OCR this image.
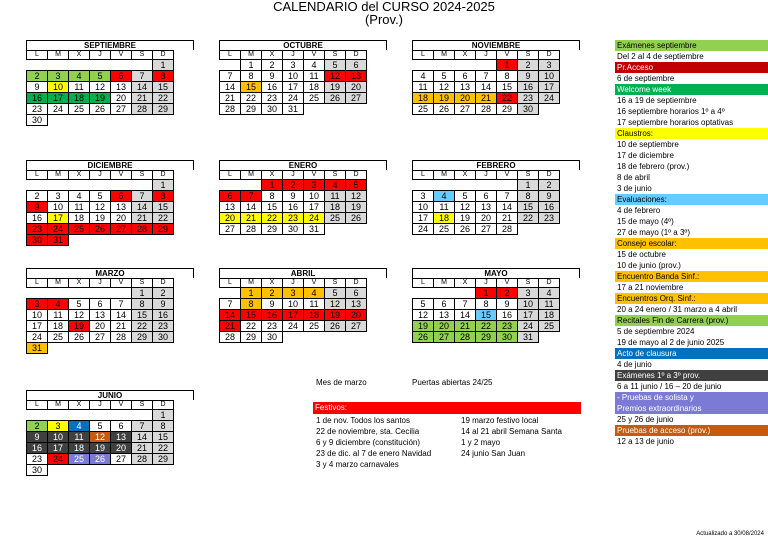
CALENDARIO del CURSO 2024-2025
(Prov.)
SEPTIEMBRE
L	M	X	J	V	S	D
						1
2	3	4	5	6	7	8
9	10	11	12	13	14	15
16	17	18	19	20	21	22
23	24	25	26	27	28	29
30						
OCTUBRE
L	M	X	J	V	S	D
	1	2	3	4	5	6
7	8	9	10	11	12	13
14	15	16	17	18	19	20
21	22	23	24	25	26	27
28	29	30	31			
NOVIEMBRE
L	M	X	J	V	S	D
				1	2	3
4	5	6	7	8	9	10
11	12	13	14	15	16	17
18	19	20	21	22	23	24
25	26	27	28	29	30	
DICIEMBRE
L	M	X	J	V	S	D
						1
2	3	4	5	6	7	8
9	10	11	12	13	14	15
16	17	18	19	20	21	22
23	24	25	26	27	28	29
30	31					
ENERO
L	M	X	J	V	S	D
		1	2	3	4	5
6	7	8	9	10	11	12
13	14	15	16	17	18	19
20	21	22	23	24	25	26
27	28	29	30	31		
FEBRERO
L	M	X	J	V	S	D
					1	2
3	4	5	6	7	8	9
10	11	12	13	14	15	16
17	18	19	20	21	22	23
24	25	26	27	28		
MARZO
L	M	X	J	V	S	D
					1	2
3	4	5	6	7	8	9
10	11	12	13	14	15	16
17	18	19	20	21	22	23
24	25	26	27	28	29	30
31						
ABRIL
L	M	X	J	V	S	D
	1	2	3	4	5	6
7	8	9	10	11	12	13
14	15	16	17	18	19	20
21	22	23	24	25	26	27
28	29	30				
MAYO
L	M	X	J	V	S	D
			1	2	3	4
5	6	7	8	9	10	11
12	13	14	15	16	17	18
19	20	21	22	23	24	25
26	27	28	29	30	31	
JUNIO
L	M	X	J	V	S	D
						1
2	3	4	5	6	7	8
9	10	11	12	13	14	15
16	17	18	19	20	21	22
23	24	25	26	27	28	29
30						
Exámenes septiembre
Del 2 al 4 de septiembre
Pr.Acceso
6 de septiembre
Welcome week
16 a 19 de septiembre
16 septiembre horarios 1º a 4º
17 septiembre horarios optativas
Claustros:
10 de septiembre
17 de diciembre
18 de febrero (prov.)
8 de abril
3 de junio
Evaluaciones:
4 de febrero
15 de mayo (4º)
27 de mayo (1º a 3º)
Consejo escolar:
15 de octubre
10 de junio (prov.)
Encuentro Banda Sinf.:
17 a 21 noviembre
Encuentros Orq. Sinf.:
20 a 24 enero / 31 marzo a 4 abril
Recitales Fin de Carrera (prov.)
5 de septiembre 2024
19 de mayo al 2 de junio 2025
Acto de clausura
4 de junio
Exámenes 1º a 3º prov.
6 a 11 junio / 16 – 20 de junio
- Pruebas de solista y
Premios extraordinarios
25 y 26 de junio
Pruebas de acceso (prov.)
12 a 13 de junio
Mes de marzo	Puertas abiertas 24/25
Festivos:
1 de nov. Todos los santos
22 de noviembre, sta. Cecilia
6 y 9 diciembre (constitución)
23 de dic. al 7 de enero Navidad
3 y 4 marzo carnavales
19 marzo festivo local
14 al 21 abril Semana Santa
1 y 2 mayo
24 junio San Juan
Actualizado a 30/08/2024
